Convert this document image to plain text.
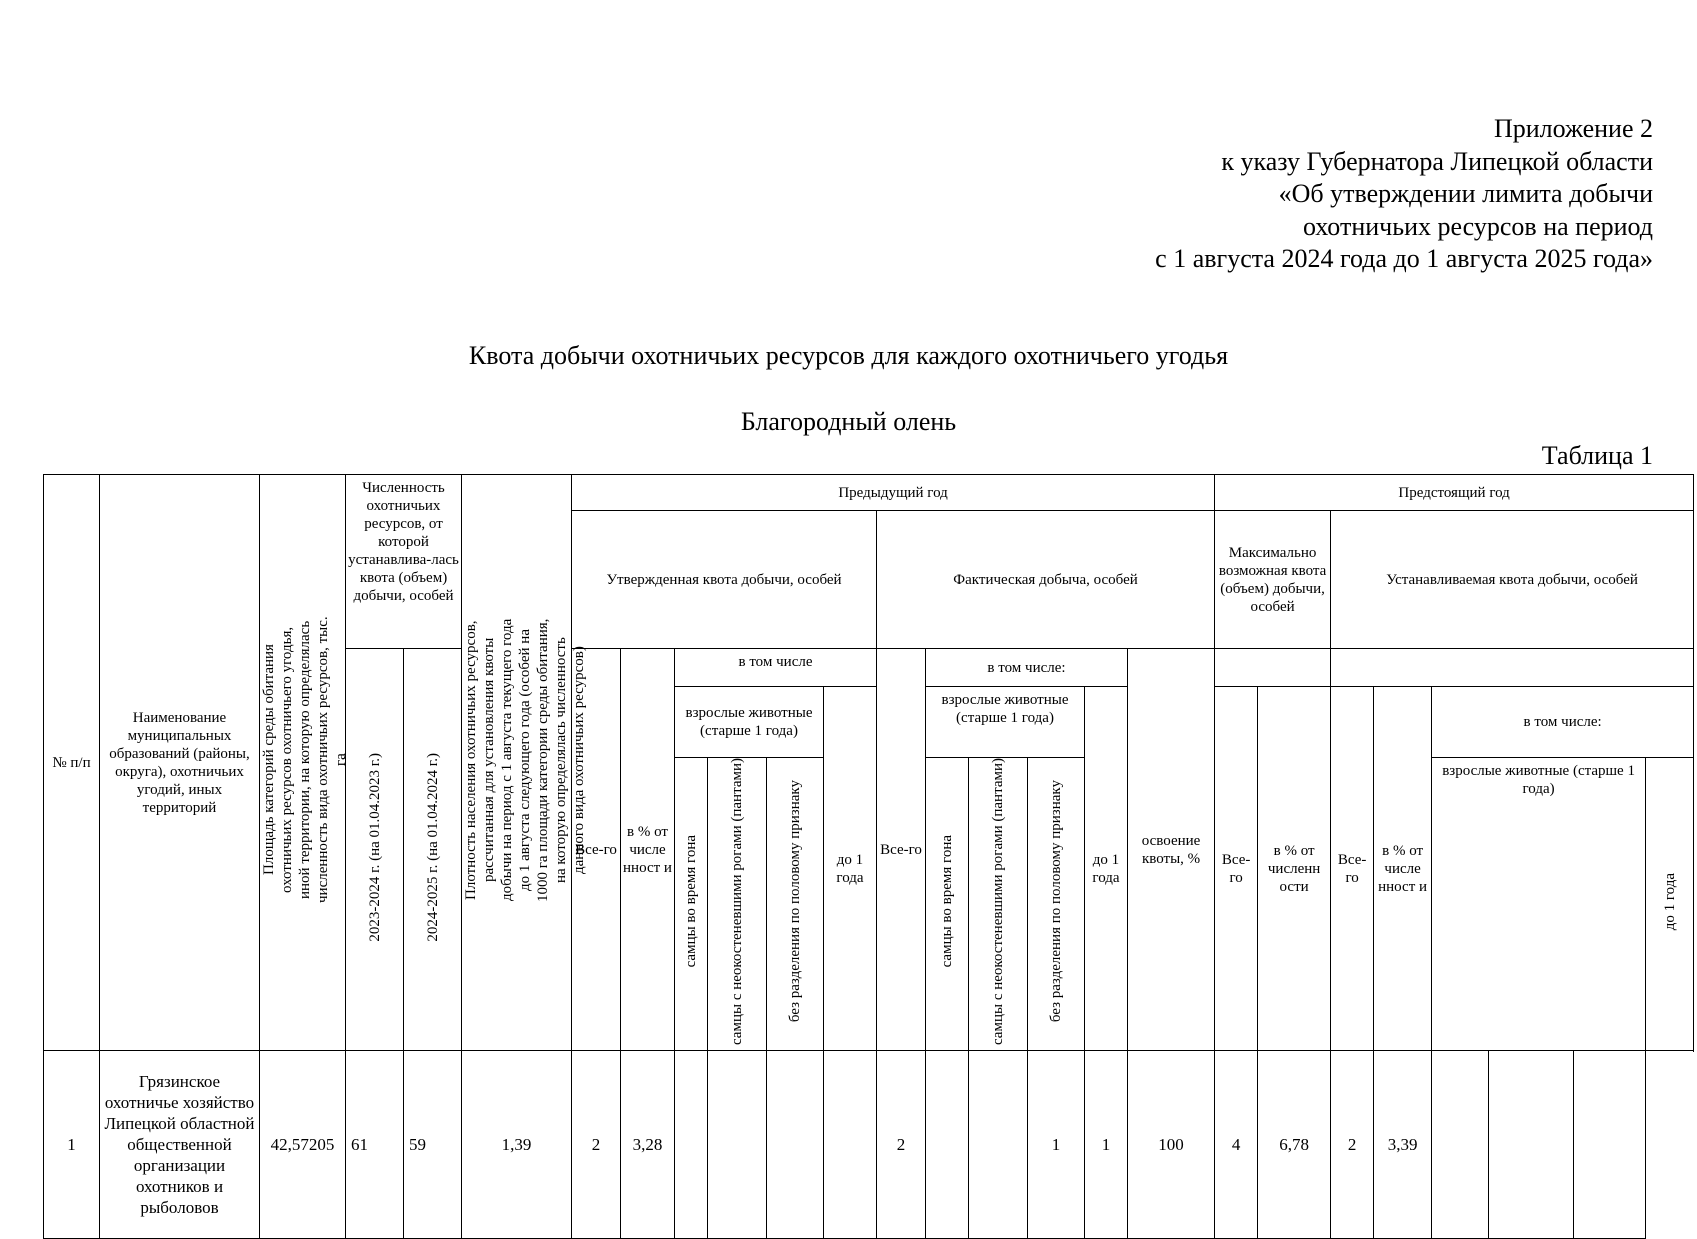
Приложение 2
к указу Губернатора Липецкой области
«Об утверждении лимита добычи
охотничьих ресурсов на период
с 1 августа 2024 года до 1 августа 2025 года»
Квота добычи охотничьих ресурсов для каждого охотничьего угодья
Благородный олень
Таблица 1
№ п/п	Наименование муниципальных образований (районы, округа), охотничьих угодий, иных территорий	Площадь категорий среды обитания охотничьих ресурсов охотничьего угодья, иной территории, на которую определялась численность вида охотничьих ресурсов, тыс. га	Численность охотничьих ресурсов, от которой устанавлива-лась квота (объем) добычи, особей		Плотность населения охотничьих ресурсов, рассчитанная для установления квоты добычи на период с 1 августа текущего года до 1 августа следующего года (особей на 1000 га площади категории среды обитания, на которую определялась численность данного вида охотничьих ресурсов)	Предыдущий год												Предстоящий год							
						Утвержденная квота добычи, особей						Фактическая добыча, особей						Максимально возможная квота (объем) добычи, особей		Устанавливаемая квота добычи, особей					
			2023-2024 г. (на 01.04.2023 г.)	2024-2025 г. (на 01.04.2024 г.)		Все-го	в % от числе нност и	в том числе				Все-го	в том числе:				освоение квоты, %								
								взрослые животные (старше 1 года)			до 1 года		взрослые животные (старше 1 года)			до 1 года		Все-го	в % от численн ости	Все-го	в % от числе нност и	в том числе:			
								самцы во время гона	самцы с неокостеневшими рогами (пантами)	без разделения по половому признаку			самцы во время гона	самцы с неокостеневшими рогами (пантами)	без разделения по половому признаку							взрослые животные (старше 1 года)			до 1 года

1	Грязинское охотничье хозяйство Липецкой областной общественной организации охотников и рыболовов	42,57205	61	59	1,39	2	3,28					2			1	1	100	4	6,78	2	3,39				
